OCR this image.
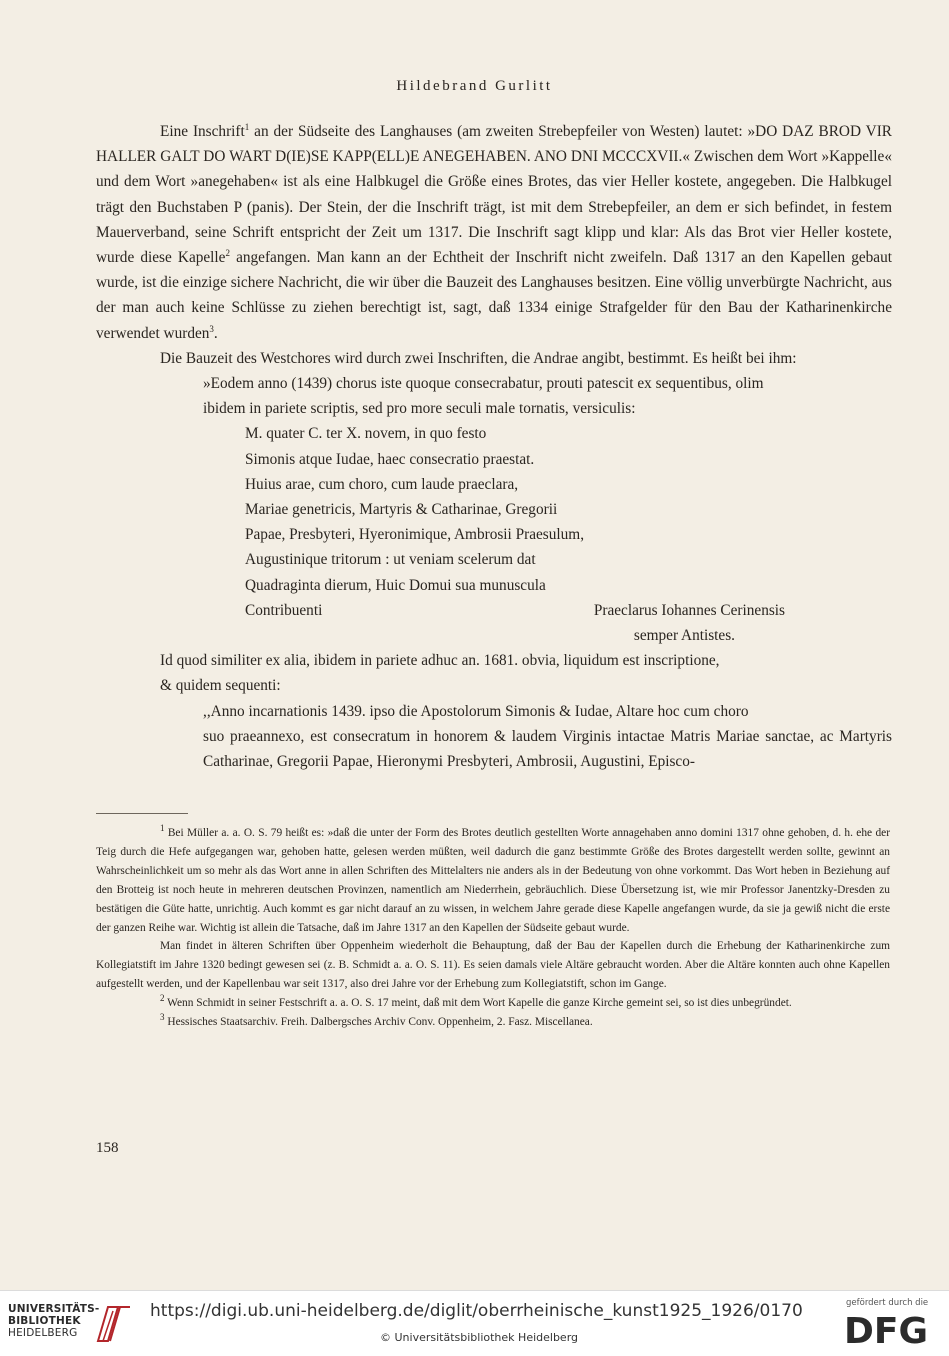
Hildebrand Gurlitt

Eine Inschrift$^1$ an der Südseite des Langhauses (am zweiten Strebepfeiler von Westen) lautet: »DO DAZ BROD VIR HALLER GALT DO WART D(IE)SE KAPP(ELL)E ANEGEHABEN. ANO DNI MCCCXVII.« Zwischen dem Wort »Kappelle« und dem Wort »anegehaben« ist als eine Halbkugel die Größe eines Brotes, das vier Heller kostete, angegeben. Die Halbkugel trägt den Buchstaben P (panis). Der Stein, der die Inschrift trägt, ist mit dem Strebepfeiler, an dem er sich befindet, in festem Mauerverband, seine Schrift entspricht der Zeit um 1317. Die Inschrift sagt klipp und klar: Als das Brot vier Heller kostete, wurde diese Kapelle$^2$ angefangen. Man kann an der Echtheit der Inschrift nicht zweifeln. Daß 1317 an den Kapellen gebaut wurde, ist die einzige sichere Nachricht, die wir über die Bauzeit des Langhauses besitzen. Eine völlig unverbürgte Nachricht, aus der man auch keine Schlüsse zu ziehen berechtigt ist, sagt, daß 1334 einige Strafgelder für den Bau der Katharinenkirche verwendet wurden$^3$.

Die Bauzeit des Westchores wird durch zwei Inschriften, die Andrae angibt, bestimmt. Es heißt bei ihm:

»Eodem anno (1439) chorus iste quoque consecrabatur, prouti patescit ex sequentibus, olim

ibidem in pariete scriptis, sed pro more seculi male tornatis, versiculis:

M. quater C. ter X. novem, in quo festo
Simonis atque Iudae, haec consecratio praestat.
Huius arae, cum choro, cum laude praeclara,
Mariae genetricis, Martyris & Catharinae, Gregorii
Papae, Presbyteri, Hyeronimique, Ambrosii Praesulum,
Augustinique tritorum : ut veniam scelerum dat
Quadraginta dierum, Huic Domui sua munuscula
Contribuenti	Praeclarus Iohannes Cerinensis
semper Antistes.

Id quod similiter ex alia, ibidem in pariete adhuc an. 1681. obvia, liquidum est inscriptione,

& quidem sequenti:

,,Anno incarnationis 1439. ipso die Apostolorum Simonis & Iudae, Altare hoc cum choro

suo praeannexo, est consecratum in honorem & laudem Virginis intactae Matris Mariae sanctae, ac Martyris Catharinae, Gregorii Papae, Hieronymi Presbyteri, Ambrosii, Augustini, Episco-

$^1$ Bei Müller a. a. O. S. 79 heißt es: »daß die unter der Form des Brotes deutlich gestellten Worte annagehaben anno domini 1317 ohne gehoben, d. h. ehe der Teig durch die Hefe aufgegangen war, gehoben hatte, gelesen werden müßten, weil dadurch die ganz bestimmte Größe des Brotes dargestellt werden sollte, gewinnt an Wahrscheinlichkeit um so mehr als das Wort anne in allen Schriften des Mittelalters nie anders als in der Bedeutung von ohne vorkommt. Das Wort heben in Beziehung auf den Brotteig ist noch heute in mehreren deutschen Provinzen, namentlich am Niederrhein, gebräuchlich. Diese Übersetzung ist, wie mir Professor Janentzky-Dresden zu bestätigen die Güte hatte, unrichtig. Auch kommt es gar nicht darauf an zu wissen, in welchem Jahre gerade diese Kapelle angefangen wurde, da sie ja gewiß nicht die erste der ganzen Reihe war. Wichtig ist allein die Tatsache, daß im Jahre 1317 an den Kapellen der Südseite gebaut wurde.

Man findet in älteren Schriften über Oppenheim wiederholt die Behauptung, daß der Bau der Kapellen durch die Erhebung der Katharinenkirche zum Kollegiatstift im Jahre 1320 bedingt gewesen sei (z. B. Schmidt a. a. O. S. 11). Es seien damals viele Altäre gebraucht worden. Aber die Altäre konnten auch ohne Kapellen aufgestellt werden, und der Kapellenbau war seit 1317, also drei Jahre vor der Erhebung zum Kollegiatstift, schon im Gange.

$^2$ Wenn Schmidt in seiner Festschrift a. a. O. S. 17 meint, daß mit dem Wort Kapelle die ganze Kirche gemeint sei, so ist dies unbegründet.

$^3$ Hessisches Staatsarchiv. Freih. Dalbergsches Archiv Conv. Oppenheim, 2. Fasz. Miscellanea.

158
UNIVERSITÄTS-
BIBLIOTHEK
HEIDELBERG
https://digi.ub.uni-heidelberg.de/diglit/oberrheinische_kunst1925_1926/0170
© Universitätsbibliothek Heidelberg
gefördert durch die
DFG
